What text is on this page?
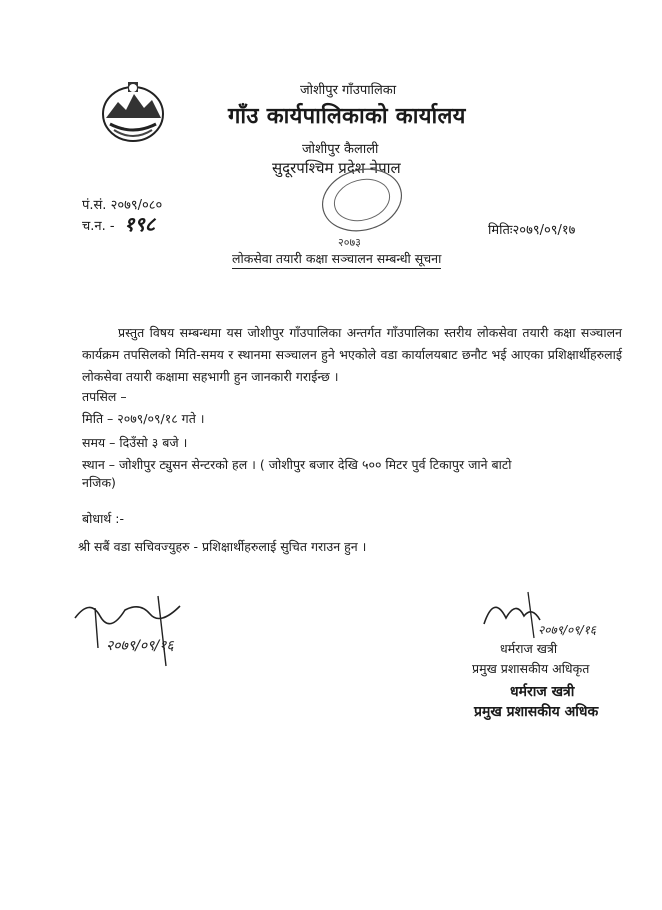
जोशीपुर गाँउपालिका
गाँउ कार्यपालिकाको कार्यालय
जोशीपुर कैलाली
सुदूरपश्चिम प्रदेश नेपाल
२०७३
पं.सं. २०७९/०८०
च.न. - १९८	मितिः२०७९/०९/१७
लोकसेवा तयारी कक्षा सञ्चालन सम्बन्धी सूचना
प्रस्तुत विषय सम्बन्धमा यस जोशीपुर गाँउपालिका अन्तर्गत गाँउपालिका स्तरीय लोकसेवा तयारी कक्षा सञ्चालन कार्यक्रम तपसिलको मिति-समय र स्थानमा सञ्चालन हुने भएकोले वडा कार्यालयबाट छनौट भई आएका प्रशिक्षार्थीहरुलाई लोकसेवा तयारी कक्षामा सहभागी हुन जानकारी गराईन्छ ।
तपसिल –
मिति – २०७९/०९/१८ गते ।
समय – दिउँसो ३ बजे ।
स्थान – जोशीपुर ट्युसन सेन्टरको हल । ( जोशीपुर बजार देखि ५०० मिटर पुर्व टिकापुर जाने बाटो
नजिक)
बोधार्थ :-
श्री सबैं वडा सचिवज्युहरु - प्रशिक्षार्थीहरुलाई सुचित गराउन हुन ।
२०७९/०९/१६
२०७९/०९/१६
धर्मराज खत्री
प्रमुख प्रशासकीय अधिकृत
धर्मराज खत्री
प्रमुख प्रशासकीय अधिक
